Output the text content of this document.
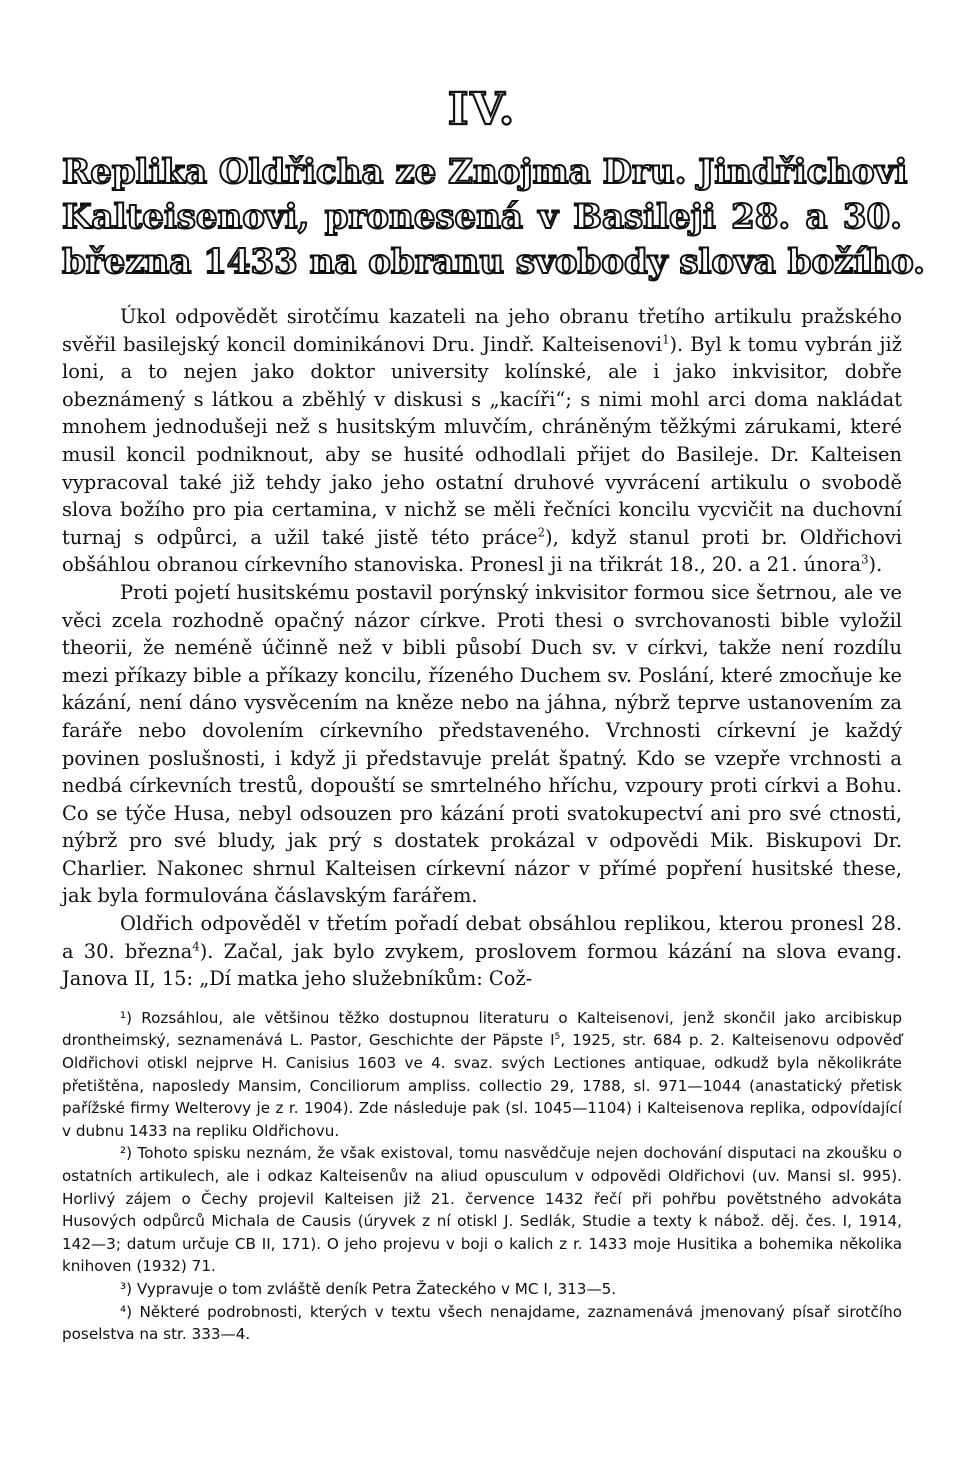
IV.
Replika Oldřicha ze Znojma Dru. Jindřichovi
Kalteisenovi, pronesená v Basileji 28. a 30.
března 1433 na obranu svobody slova božího.

Úkol odpovědět sirotčímu kazateli na jeho obranu třetího artikulu pražského svěřil basilejský koncil dominikánovi Dru. Jindř. Kalteisenovi$^1$). Byl k tomu vybrán již loni, a to nejen jako doktor university kolínské, ale i jako inkvisitor, dobře obeznámený s látkou a zběhlý v diskusi s „kacíři“; s nimi mohl arci doma nakládat mnohem jednodušeji než s husitským mluvčím, chráněným těžkými zárukami, které musil koncil podniknout, aby se husité odhodlali přijet do Basileje. Dr. Kalteisen vypracoval také již tehdy jako jeho ostatní druhové vyvrácení artikulu o svobodě slova božího pro pia certamina, v nichž se měli řečníci koncilu vycvičit na duchovní turnaj s odpůrci, a užil také jistě této práce$^2$), když stanul proti br. Oldřichovi obšáhlou obranou církevního stanoviska. Pronesl ji na třikrát 18., 20. a 21. února$^3$).

Proti pojetí husitskému postavil porýnský inkvisitor formou sice šetrnou, ale ve věci zcela rozhodně opačný názor církve. Proti thesi o svrchovanosti bible vyložil theorii, že neméně účinně než v bibli působí Duch sv. v církvi, takže není rozdílu mezi příkazy bible a příkazy koncilu, řízeného Duchem sv. Poslání, které zmocňuje ke kázání, není dáno vysvěcením na kněze nebo na jáhna, nýbrž teprve ustanovením za faráře nebo dovolením církevního představeného. Vrchnosti církevní je každý povinen poslušnosti, i když ji představuje prelát špatný. Kdo se vzepře vrchnosti a nedbá církevních trestů, dopouští se smrtelného hříchu, vzpoury proti církvi a Bohu. Co se týče Husa, nebyl odsouzen pro kázání proti svatokupectví ani pro své ctnosti, nýbrž pro své bludy, jak prý s dostatek prokázal v odpovědi Mik. Biskupovi Dr. Charlier. Nakonec shrnul Kalteisen církevní názor v přímé popření husitské these, jak byla formulována čáslavským farářem.

Oldřich odpověděl v třetím pořadí debat obsáhlou replikou, kterou pronesl 28. a 30. března$^4$). Začal, jak bylo zvykem, proslovem formou kázání na slova evang. Janova II, 15: „Dí matka jeho služebníkům: Což-

¹) Rozsáhlou, ale většinou těžko dostupnou literaturu o Kalteisenovi, jenž skončil jako arcibiskup drontheimský, seznamenává L. Pastor, Geschichte der Päpste $I^5$, 1925, str. 684 p. 2. Kalteisenovu odpověď Oldřichovi otiskl nejprve H. Canisius 1603 ve 4. svaz. svých Lectiones antiquae, odkudž byla několikráte přetištěna, naposledy Mansim, Conciliorum ampliss. collectio 29, 1788, sl. 971—1044 (anastatický přetisk pařížské firmy Welterovy je z r. 1904). Zde následuje pak (sl. 1045—1104) i Kalteisenova replika, odpovídající v dubnu 1433 na repliku Oldřichovu.

²) Tohoto spisku neznám, že však existoval, tomu nasvědčuje nejen dochování disputaci na zkoušku o ostatních artikulech, ale i odkaz Kalteisenův na aliud opusculum v odpovědi Oldřichovi (uv. Mansi sl. 995). Horlivý zájem o Čechy projevil Kalteisen již 21. července 1432 řečí při pohřbu povětstného advokáta Husových odpůrců Michala de Causis (úryvek z ní otiskl J. Sedlák, Studie a texty k nábož. děj. čes. I, 1914, 142—3; datum určuje CB II, 171). O jeho projevu v boji o kalich z r. 1433 moje Husitika a bohemika několika knihoven (1932) 71.

³) Vypravuje o tom zvláště deník Petra Žateckého v MC I, 313—5.

⁴) Některé podrobnosti, kterých v textu všech nenajdame, zaznamenává jmenovaný písař sirotčího poselstva na str. 333—4.
